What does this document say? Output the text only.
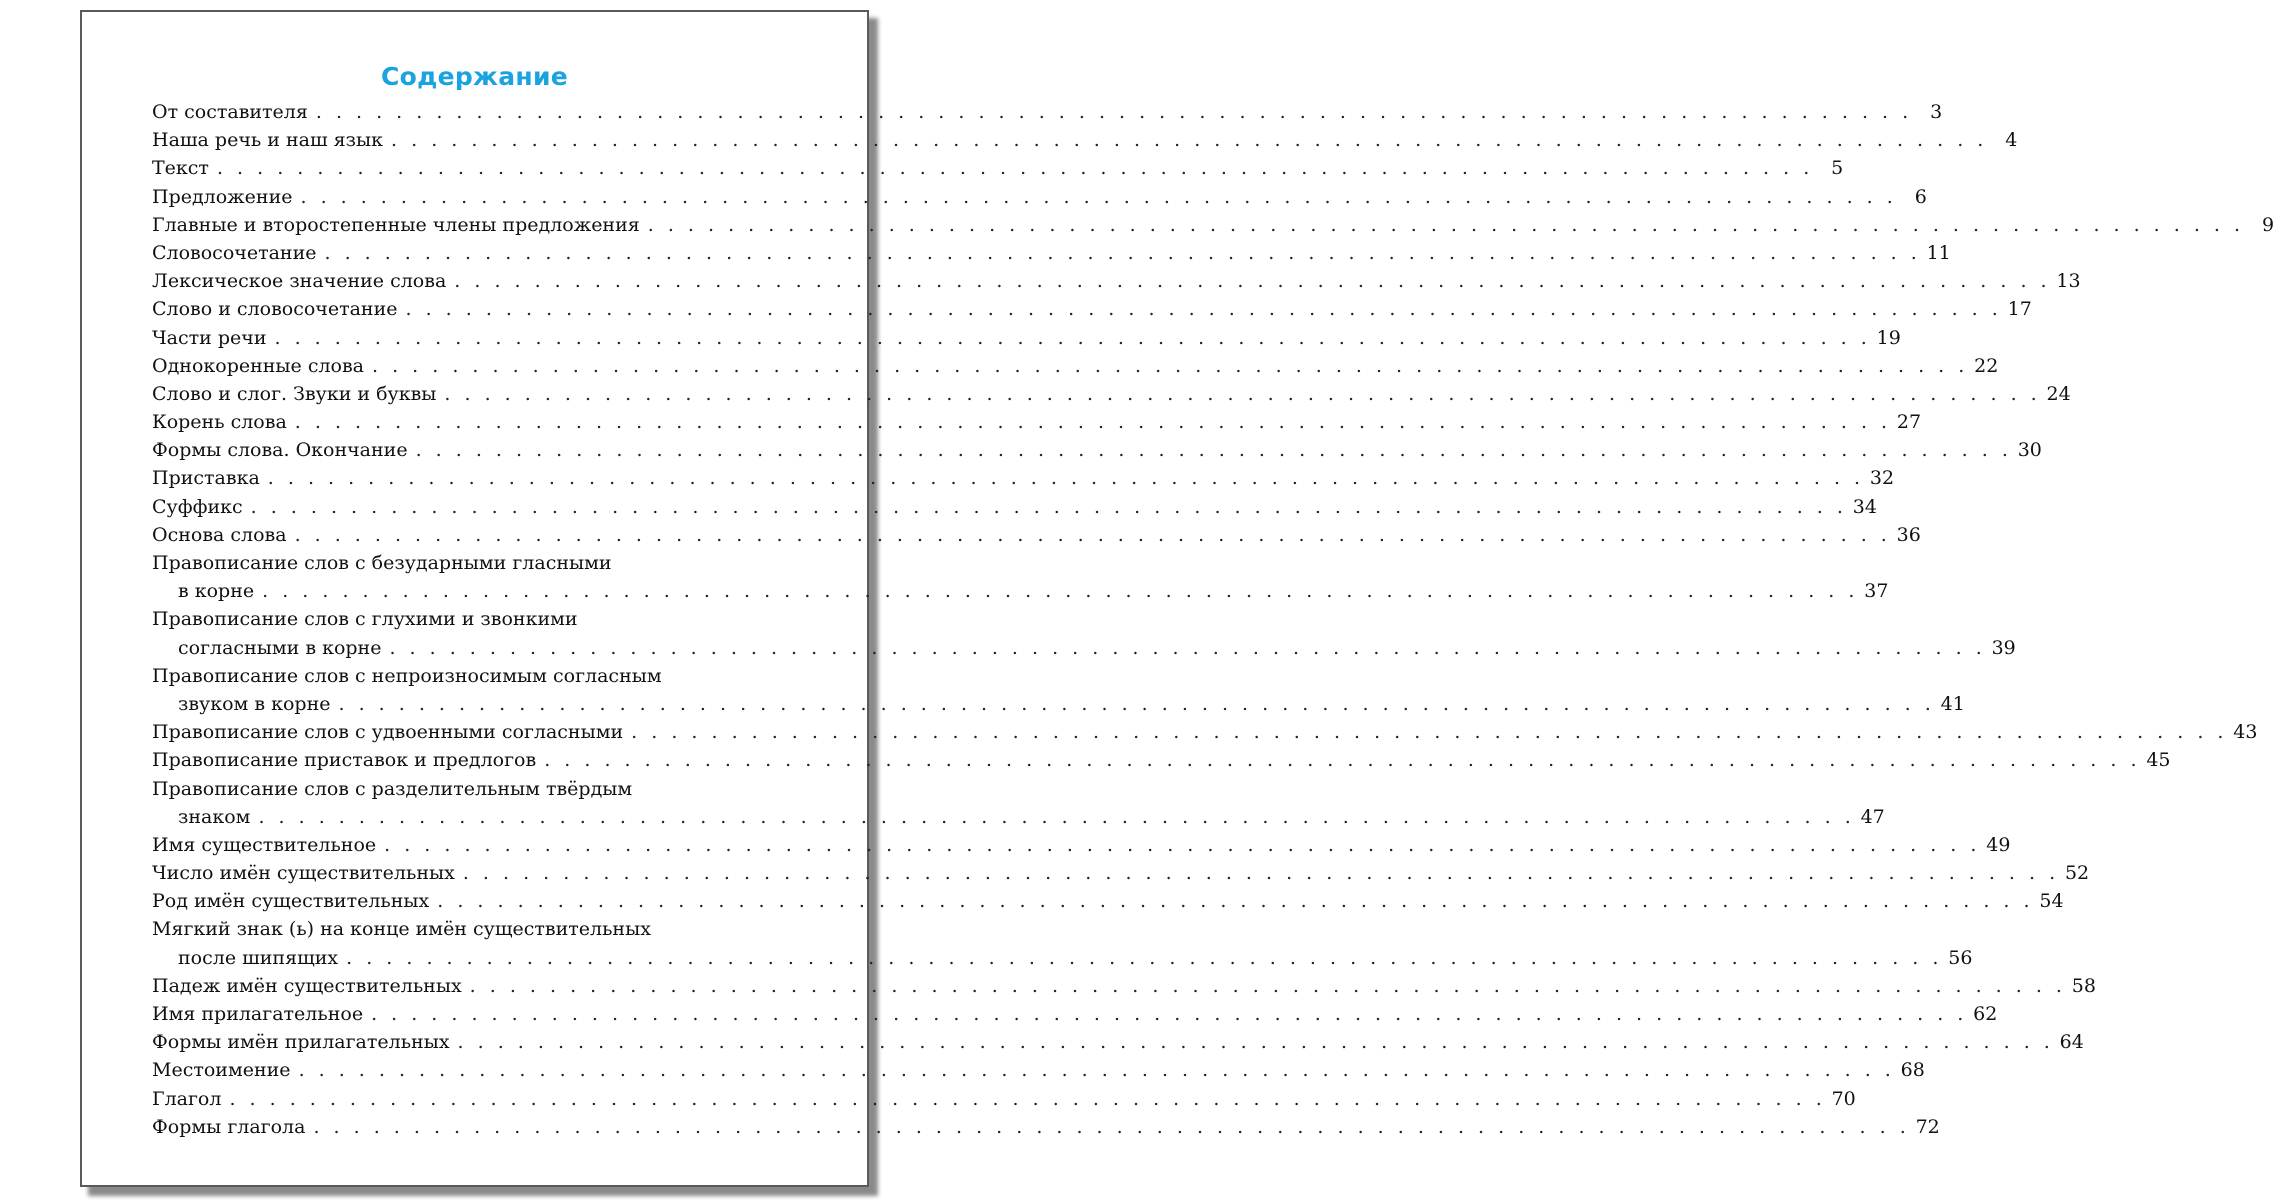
Содержание
От составителя . . . . . . . . . . . . . . . . . . . . . . . . . . . . . . . . . . . . . . . . . . . . . . . . . . . . . . . . . . . . . . . . . . . . . . . . . . . . . . . . 3
Наша речь и наш язык . . . . . . . . . . . . . . . . . . . . . . . . . . . . . . . . . . . . . . . . . . . . . . . . . . . . . . . . . . . . . . . . . . . . . . . . . . . . . . . . 4
Текст . . . . . . . . . . . . . . . . . . . . . . . . . . . . . . . . . . . . . . . . . . . . . . . . . . . . . . . . . . . . . . . . . . . . . . . . . . . . . . . . 5
Предложение . . . . . . . . . . . . . . . . . . . . . . . . . . . . . . . . . . . . . . . . . . . . . . . . . . . . . . . . . . . . . . . . . . . . . . . . . . . . . . . . 6
Главные и второстепенные члены предложения . . . . . . . . . . . . . . . . . . . . . . . . . . . . . . . . . . . . . . . . . . . . . . . . . . . . . . . . . . . . . . . . . . . . . . . . . . . . . . . . 9
Словосочетание . . . . . . . . . . . . . . . . . . . . . . . . . . . . . . . . . . . . . . . . . . . . . . . . . . . . . . . . . . . . . . . . . . . . . . . . . . . . . . . . 11
Лексическое значение слова . . . . . . . . . . . . . . . . . . . . . . . . . . . . . . . . . . . . . . . . . . . . . . . . . . . . . . . . . . . . . . . . . . . . . . . . . . . . . . . . 13
Слово и словосочетание . . . . . . . . . . . . . . . . . . . . . . . . . . . . . . . . . . . . . . . . . . . . . . . . . . . . . . . . . . . . . . . . . . . . . . . . . . . . . . . . 17
Части речи . . . . . . . . . . . . . . . . . . . . . . . . . . . . . . . . . . . . . . . . . . . . . . . . . . . . . . . . . . . . . . . . . . . . . . . . . . . . . . . . 19
Однокоренные слова . . . . . . . . . . . . . . . . . . . . . . . . . . . . . . . . . . . . . . . . . . . . . . . . . . . . . . . . . . . . . . . . . . . . . . . . . . . . . . . . 22
Слово и слог. Звуки и буквы . . . . . . . . . . . . . . . . . . . . . . . . . . . . . . . . . . . . . . . . . . . . . . . . . . . . . . . . . . . . . . . . . . . . . . . . . . . . . . . . 24
Корень слова . . . . . . . . . . . . . . . . . . . . . . . . . . . . . . . . . . . . . . . . . . . . . . . . . . . . . . . . . . . . . . . . . . . . . . . . . . . . . . . . 27
Формы слова. Окончание . . . . . . . . . . . . . . . . . . . . . . . . . . . . . . . . . . . . . . . . . . . . . . . . . . . . . . . . . . . . . . . . . . . . . . . . . . . . . . . . 30
Приставка . . . . . . . . . . . . . . . . . . . . . . . . . . . . . . . . . . . . . . . . . . . . . . . . . . . . . . . . . . . . . . . . . . . . . . . . . . . . . . . . 32
Суффикс . . . . . . . . . . . . . . . . . . . . . . . . . . . . . . . . . . . . . . . . . . . . . . . . . . . . . . . . . . . . . . . . . . . . . . . . . . . . . . . . 34
Основа слова . . . . . . . . . . . . . . . . . . . . . . . . . . . . . . . . . . . . . . . . . . . . . . . . . . . . . . . . . . . . . . . . . . . . . . . . . . . . . . . . 36
Правописание слов с безударными гласными
в корне . . . . . . . . . . . . . . . . . . . . . . . . . . . . . . . . . . . . . . . . . . . . . . . . . . . . . . . . . . . . . . . . . . . . . . . . . . . . . . . . 37
Правописание слов с глухими и звонкими
согласными в корне . . . . . . . . . . . . . . . . . . . . . . . . . . . . . . . . . . . . . . . . . . . . . . . . . . . . . . . . . . . . . . . . . . . . . . . . . . . . . . . . 39
Правописание слов с непроизносимым согласным
звуком в корне . . . . . . . . . . . . . . . . . . . . . . . . . . . . . . . . . . . . . . . . . . . . . . . . . . . . . . . . . . . . . . . . . . . . . . . . . . . . . . . . 41
Правописание слов с удвоенными согласными . . . . . . . . . . . . . . . . . . . . . . . . . . . . . . . . . . . . . . . . . . . . . . . . . . . . . . . . . . . . . . . . . . . . . . . . . . . . . . . . 43
Правописание приставок и предлогов . . . . . . . . . . . . . . . . . . . . . . . . . . . . . . . . . . . . . . . . . . . . . . . . . . . . . . . . . . . . . . . . . . . . . . . . . . . . . . . . 45
Правописание слов с разделительным твёрдым
знаком . . . . . . . . . . . . . . . . . . . . . . . . . . . . . . . . . . . . . . . . . . . . . . . . . . . . . . . . . . . . . . . . . . . . . . . . . . . . . . . . 47
Имя существительное . . . . . . . . . . . . . . . . . . . . . . . . . . . . . . . . . . . . . . . . . . . . . . . . . . . . . . . . . . . . . . . . . . . . . . . . . . . . . . . . 49
Число имён существительных . . . . . . . . . . . . . . . . . . . . . . . . . . . . . . . . . . . . . . . . . . . . . . . . . . . . . . . . . . . . . . . . . . . . . . . . . . . . . . . . 52
Род имён существительных . . . . . . . . . . . . . . . . . . . . . . . . . . . . . . . . . . . . . . . . . . . . . . . . . . . . . . . . . . . . . . . . . . . . . . . . . . . . . . . . 54
Мягкий знак (ь) на конце имён существительных
после шипящих . . . . . . . . . . . . . . . . . . . . . . . . . . . . . . . . . . . . . . . . . . . . . . . . . . . . . . . . . . . . . . . . . . . . . . . . . . . . . . . . 56
Падеж имён существительных . . . . . . . . . . . . . . . . . . . . . . . . . . . . . . . . . . . . . . . . . . . . . . . . . . . . . . . . . . . . . . . . . . . . . . . . . . . . . . . . 58
Имя прилагательное . . . . . . . . . . . . . . . . . . . . . . . . . . . . . . . . . . . . . . . . . . . . . . . . . . . . . . . . . . . . . . . . . . . . . . . . . . . . . . . . 62
Формы имён прилагательных . . . . . . . . . . . . . . . . . . . . . . . . . . . . . . . . . . . . . . . . . . . . . . . . . . . . . . . . . . . . . . . . . . . . . . . . . . . . . . . . 64
Местоимение . . . . . . . . . . . . . . . . . . . . . . . . . . . . . . . . . . . . . . . . . . . . . . . . . . . . . . . . . . . . . . . . . . . . . . . . . . . . . . . . 68
Глагол . . . . . . . . . . . . . . . . . . . . . . . . . . . . . . . . . . . . . . . . . . . . . . . . . . . . . . . . . . . . . . . . . . . . . . . . . . . . . . . . 70
Формы глагола . . . . . . . . . . . . . . . . . . . . . . . . . . . . . . . . . . . . . . . . . . . . . . . . . . . . . . . . . . . . . . . . . . . . . . . . . . . . . . . . 72
